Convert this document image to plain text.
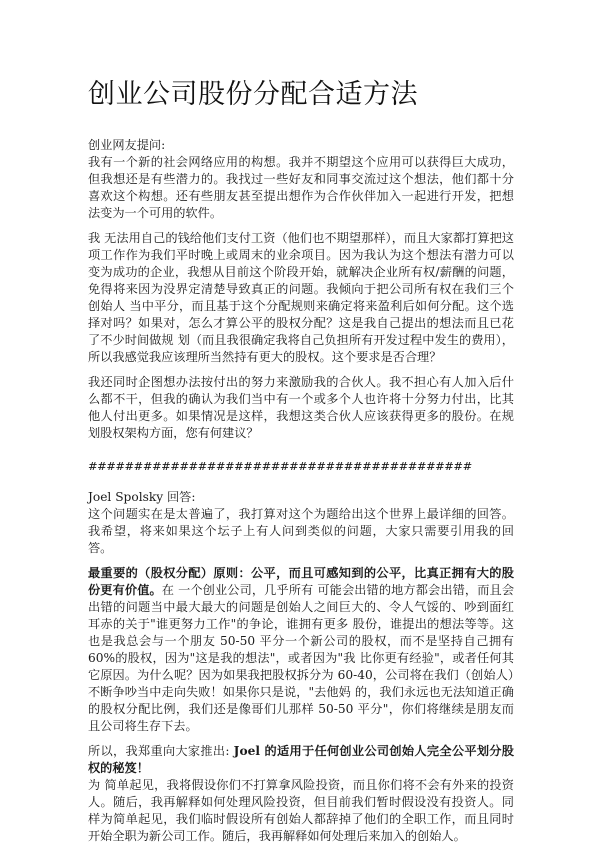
创业公司股份分配合适方法

创业网友提问:

我有一个新的社会网络应用的构想。我并不期望这个应用可以获得巨大成功，但我想还是有些潜力的。我找过一些好友和同事交流过这个想法，他们都十分喜欢这个构想。还有些朋友甚至提出想作为合作伙伴加入一起进行开发，把想法变为一个可用的软件。

我 无法用自己的钱给他们支付工资（他们也不期望那样），而且大家都打算把这项工作作为我们平时晚上或周末的业余项目。因为我认为这个想法有潜力可以变为成功的企业，我想从目前这个阶段开始，就解决企业所有权/薪酬的问题，免得将来因为没界定清楚导致真正的问题。我倾向于把公司所有权在我们三个创始人 当中平分，而且基于这个分配规则来确定将来盈利后如何分配。这个选择对吗？如果对，怎么才算公平的股权分配？这是我自己提出的想法而且已花了不少时间做规 划（而且我很确定我将自己负担所有开发过程中发生的费用），所以我感觉我应该理所当然持有更大的股权。这个要求是否合理？

我还同时企图想办法按付出的努力来激励我的合伙人。我不担心有人加入后什么都不干，但我的确认为我们当中有一个或多个人也许将十分努力付出，比其他人付出更多。如果情况是这样，我想这类合伙人应该获得更多的股份。在规划股权架构方面，您有何建议？

##########################################

Joel Spolsky 回答:

这个问题实在是太普遍了，我打算对这个为题给出这个世界上最详细的回答。我希望，将来如果这个坛子上有人问到类似的问题，大家只需要引用我的回答。

最重要的（股权分配）原则：公平，而且可感知到的公平，比真正拥有大的股份更有价值。在 一个创业公司，几乎所有 可能会出错的地方都会出错，而且会出错的问题当中最大最大的问题是创始人之间巨大的、令人气馁的、吵到面红耳赤的关于"谁更努力工作"的争论，谁拥有更多 股份，谁提出的想法等等。这也是我总会与一个朋友 50-50 平分一个新公司的股权，而不是坚持自己拥有 60%的股权，因为"这是我的想法"，或者因为"我 比你更有经验"，或者任何其它原因。为什么呢？因为如果我把股权拆分为 60-40，公司将在我们（创始人）不断争吵当中走向失败！如果你只是说，"去他妈 的，我们永远也无法知道正确的股权分配比例，我们还是像哥们儿那样 50-50 平分"，你们将继续是朋友而且公司将生存下去。

所以，我郑重向大家推出: Joel 的适用于任何创业公司创始人完全公平划分股权的秘笈！
为 简单起见，我将假设你们不打算拿风险投资，而且你们将不会有外来的投资人。随后，我再解释如何处理风险投资，但目前我们暂时假设没有投资人。同样为简单起见，我们临时假设所有创始人都辞掉了他们的全职工作，而且同时开始全职为新公司工作。随后，我再解释如何处理后来加入的创始人。
